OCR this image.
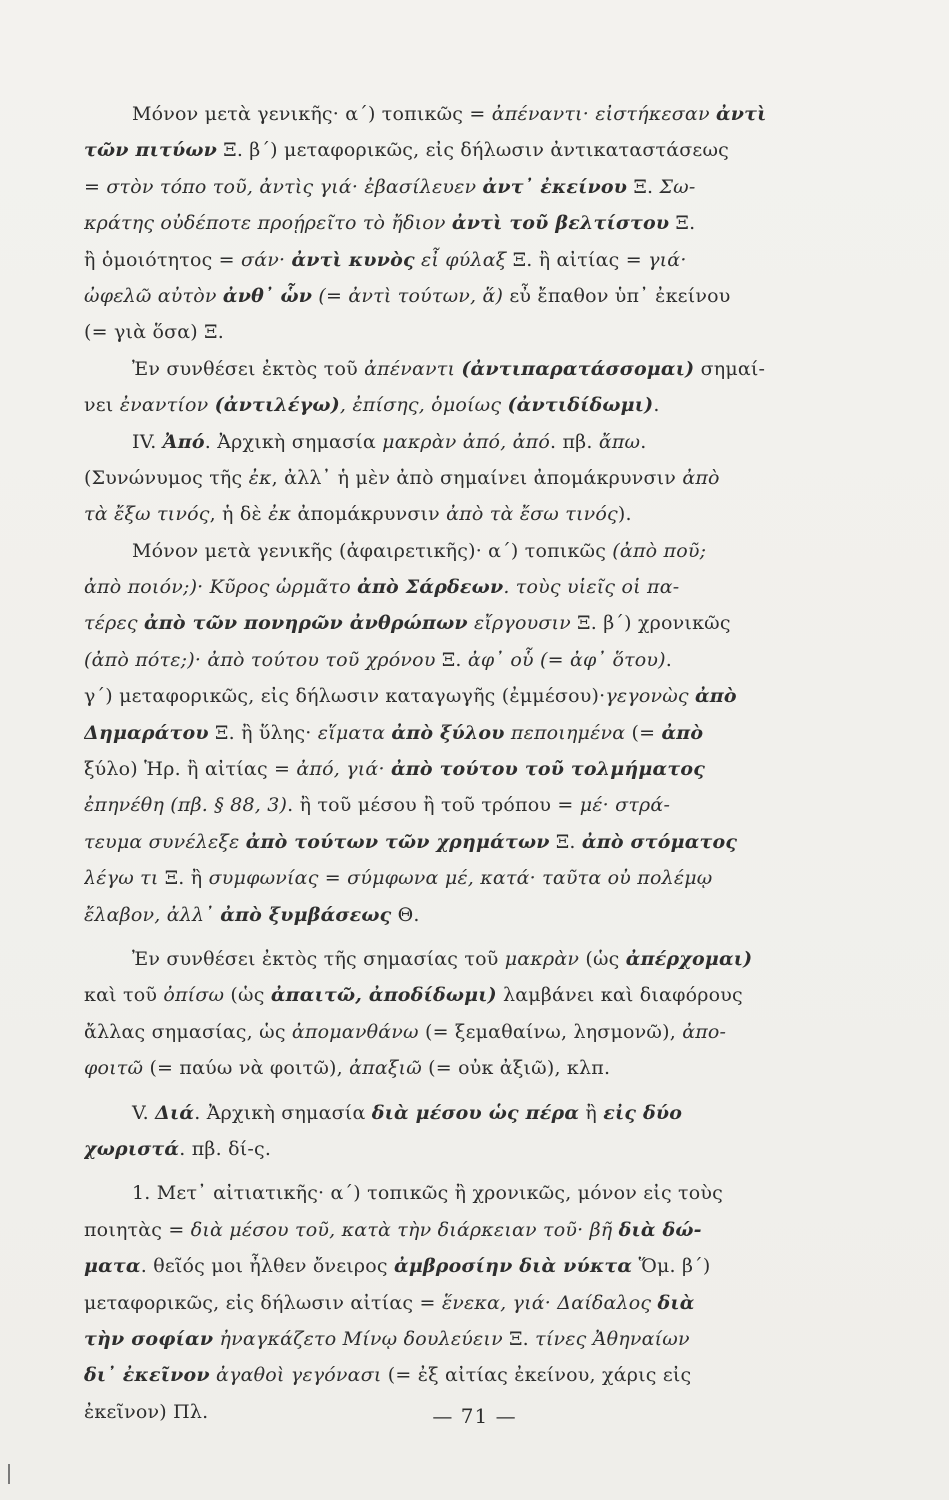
Μόνον μετὰ γενικῆς· α΄) τοπικῶς = ἀπέναντι· εἰστήκεσαν ἀντὶ
τῶν πιτύων Ξ. β΄) μεταφορικῶς, εἰς δήλωσιν ἀντικαταστάσεως
= στὸν τόπο τοῦ, ἀντὶς γιά· ἐβασίλευεν ἀντ᾿ ἐκείνου Ξ. Σω-
κράτης οὐδέποτε προῄρεῖτο τὸ ἤδιον ἀντὶ τοῦ βελτίστου Ξ.
ἢ ὁμοιότητος = σάν· ἀντὶ κυνὸς εἶ φύλαξ Ξ. ἢ αἰτίας = γιά·
ὠφελῶ αὐτὸν ἀνθ᾿ ὧν (= ἀντὶ τούτων, ἅ) εὖ ἔπαθον ὑπ᾿ ἐκείνου
(= γιὰ ὅσα) Ξ.
Ἐν συνθέσει ἐκτὸς τοῦ ἀπέναντι (ἀντιπαρατάσσομαι) σημαί-
νει ἐναντίον (ἀντιλέγω), ἐπίσης, ὁμοίως (ἀντιδίδωμι).
IV. Ἀπό. Ἀρχικὴ σημασία μακρὰν ἀπό, ἀπό. πβ. ἄπω.
(Συνώνυμος τῆς ἐκ, ἀλλ᾿ ἡ μὲν ἀπὸ σημαίνει ἀπομάκρυνσιν ἀπὸ
τὰ ἔξω τινός, ἡ δὲ ἐκ ἀπομάκρυνσιν ἀπὸ τὰ ἔσω τινός).
Μόνον μετὰ γενικῆς (ἀφαιρετικῆς)· α΄) τοπικῶς (ἀπὸ ποῦ;
ἀπὸ ποιόν;)· Κῦρος ὡρμᾶτο ἀπὸ Σάρδεων. τοὺς υἱεῖς οἱ πα-
τέρες ἀπὸ τῶν πονηρῶν ἀνθρώπων εἴργουσιν Ξ. β΄) χρονικῶς
(ἀπὸ πότε;)· ἀπὸ τούτου τοῦ χρόνου Ξ. ἀφ᾿ οὗ (= ἀφ᾿ ὅτου).
γ΄) μεταφορικῶς, εἰς δήλωσιν καταγωγῆς (ἐμμέσου)·γεγονὼς ἀπὸ
Δημαράτου Ξ. ἢ ὕλης· εἵματα ἀπὸ ξύλου πεποιημένα (= ἀπὸ
ξύλο) Ἡρ. ἢ αἰτίας = ἀπό, γιά· ἀπὸ τούτου τοῦ τολμήματος
ἐπηνέθη (πβ. § 88, 3). ἢ τοῦ μέσου ἢ τοῦ τρόπου = μέ· στρά-
τευμα συνέλεξε ἀπὸ τούτων τῶν χρημάτων Ξ. ἀπὸ στόματος
λέγω τι Ξ. ἢ συμφωνίας = σύμφωνα μέ, κατά· ταῦτα οὐ πολέμῳ
ἔλαβον, ἀλλ᾿ ἀπὸ ξυμβάσεως Θ.
Ἐν συνθέσει ἐκτὸς τῆς σημασίας τοῦ μακρὰν (ὡς ἀπέρχομαι)
καὶ τοῦ ὀπίσω (ὡς ἀπαιτῶ, ἀποδίδωμι) λαμβάνει καὶ διαφόρους
ἄλλας σημασίας, ὡς ἀπομανθάνω (= ξεμαθαίνω, λησμονῶ), ἀπο-
φοιτῶ (= παύω νὰ φοιτῶ), ἀπαξιῶ (= οὐκ ἀξιῶ), κλπ.
V. Διά. Ἀρχικὴ σημασία διὰ μέσου ὡς πέρα ἢ εἰς δύο
χωριστά. πβ. δί-ς.
1. Μετ᾿ αἰτιατικῆς· α΄) τοπικῶς ἢ χρονικῶς, μόνον εἰς τοὺς
ποιητὰς = διὰ μέσου τοῦ, κατὰ τὴν διάρκειαν τοῦ· βῆ διὰ δώ-
ματα. θεῖός μοι ἦλθεν ὄνειρος ἀμβροσίην διὰ νύκτα Ὅμ. β΄)
μεταφορικῶς, εἰς δήλωσιν αἰτίας = ἕνεκα, γιά· Δαίδαλος διὰ
τὴν σοφίαν ἠναγκάζετο Μίνῳ δουλεύειν Ξ. τίνες Ἀθηναίων
δι᾿ ἐκεῖνον ἀγαθοὶ γεγόνασι (= ἐξ αἰτίας ἐκείνου, χάρις εἰς
ἐκεῖνον) Πλ.	— 71 —
